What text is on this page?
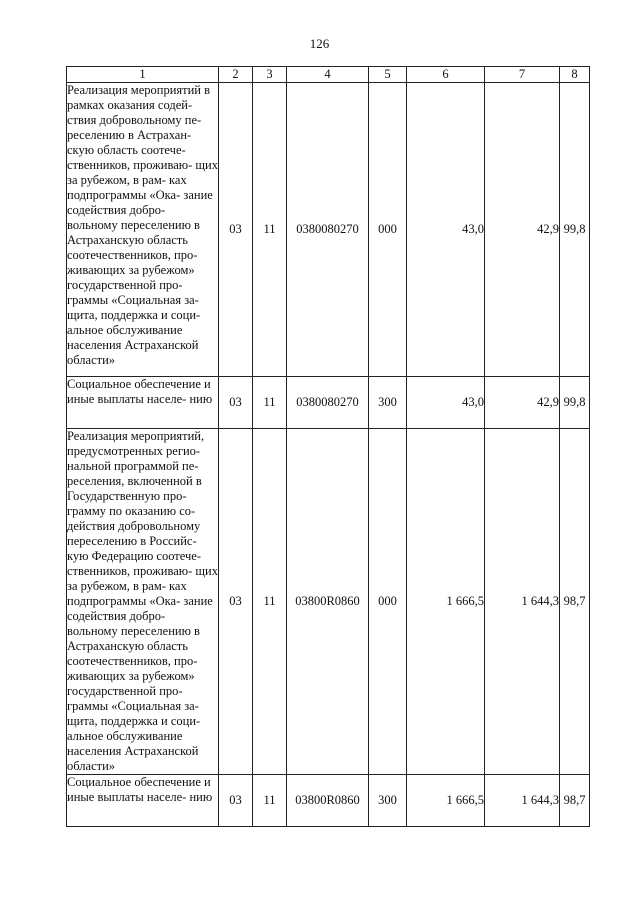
126
1	2	3	4	5	6	7	8
Реализация мероприятий в рамках оказания содей- ствия добровольному пе- реселению в Астрахан- скую область соотече- ственников, проживаю- щих за рубежом, в рам- ках подпрограммы «Ока- зание содействия добро- вольному переселению в Астраханскую область соотечественников, про- живающих за рубежом» государственной про- граммы «Социальная за- щита, поддержка и соци- альное обслуживание населения Астраханской области»	03	11	0380080270	000	43,0	42,9	99,8
Социальное обеспечение и иные выплаты населе- нию	03	11	0380080270	300	43,0	42,9	99,8
Реализация мероприятий, предусмотренных регио- нальной программой пе- реселения, включенной в Государственную про- грамму по оказанию со- действия добровольному переселению в Российс- кую Федерацию соотече- ственников, проживаю- щих за рубежом, в рам- ках подпрограммы «Ока- зание содействия добро- вольному переселению в Астраханскую область соотечественников, про- живающих за рубежом» государственной про- граммы «Социальная за- щита, поддержка и соци- альное обслуживание населения Астраханской области»	03	11	03800R0860	000	1 666,5	1 644,3	98,7
Социальное обеспечение и иные выплаты населе- нию	03	11	03800R0860	300	1 666,5	1 644,3	98,7
